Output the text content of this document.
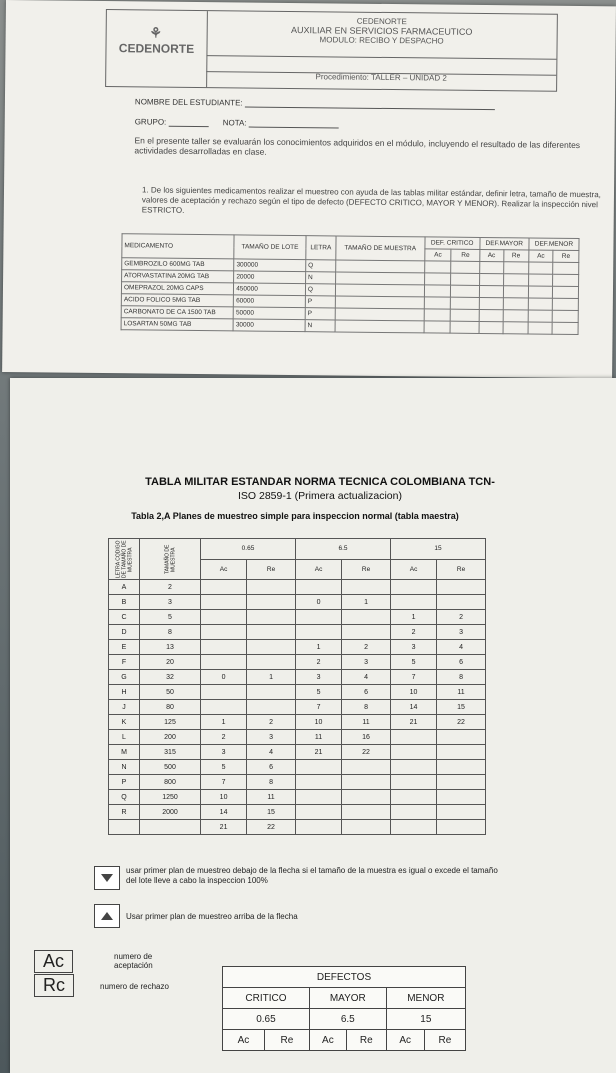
⚘
CEDENORTE
CEDENORTE
AUXILIAR EN SERVICIOS FARMACEUTICO
MODULO: RECIBO Y DESPACHO
Procedimiento: TALLER – UNIDAD 2
NOMBRE DEL ESTUDIANTE:
GRUPO:	NOTA:
En el presente taller se evaluarán los conocimientos adquiridos en el módulo, incluyendo el resultado de las diferentes actividades desarrolladas en clase.
1. De los siguientes medicamentos realizar el muestreo con ayuda de las tablas militar estándar, definir letra, tamaño de muestra, valores de aceptación y rechazo según el tipo de defecto (DEFECTO CRITICO, MAYOR Y MENOR). Realizar la inspección nivel ESTRICTO.
MEDICAMENTO	TAMAÑO DE LOTE	LETRA	TAMAÑO DE MUESTRA	DEF. CRITICO		DEF.MAYOR		DEF.MENOR	
				Ac	Re	Ac	Re	Ac	Re
GEMBROZILO 600MG TAB	300000	Q							
ATORVASTATINA 20MG TAB	20000	N							
OMEPRAZOL 20MG CAPS	450000	Q							
ACIDO FOLICO 5MG TAB	60000	P							
CARBONATO DE CA 1500 TAB	50000	P							
LOSARTAN 50MG TAB	30000	N							
TABLA MILITAR ESTANDAR NORMA TECNICA COLOMBIANA TCN-
ISO 2859-1 (Primera actualizacion)
Tabla 2,A Planes de muestreo simple para inspeccion normal (tabla maestra)
LETRA CODIGO DE TAMAÑO DE MUESTRA	TAMAÑO DE MUESTRA	0.65		6.5		15	
		Ac	Re	Ac	Re	Ac	Re
A	2						
B	3			0	1		
C	5					1	2
D	8					2	3
E	13			1	2	3	4
F	20			2	3	5	6
G	32	0	1	3	4	7	8
H	50			5	6	10	11
J	80			7	8	14	15
K	125	1	2	10	11	21	22
L	200	2	3	11	16		
M	315	3	4	21	22		
N	500	5	6				
P	800	7	8				
Q	1250	10	11				
R	2000	14	15				
		21	22				
usar primer plan de muestreo debajo de la flecha si el tamaño de la muestra es igual o excede el tamaño del lote lleve a cabo la inspeccion 100%
Usar primer plan de muestreo arriba de la flecha
Ac	numero de aceptación
Rc	numero de rechazo
DEFECTOS					
CRITICO		MAYOR		MENOR	
0.65		6.5		15	
Ac	Re	Ac	Re	Ac	Re
